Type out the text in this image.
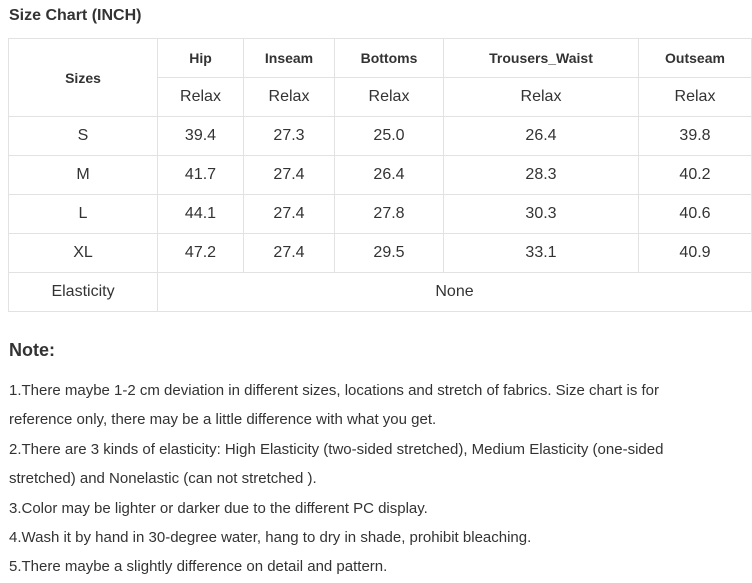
Size Chart (INCH)
Sizes	Hip	Inseam	Bottoms	Trousers_Waist	Outseam
	Relax	Relax	Relax	Relax	Relax
S	39.4	27.3	25.0	26.4	39.8
M	41.7	27.4	26.4	28.3	40.2
L	44.1	27.4	27.8	30.3	40.6
XL	47.2	27.4	29.5	33.1	40.9
Elasticity	None				
Note:
1.There maybe 1-2 cm deviation in different sizes, locations and stretch of fabrics. Size chart is for reference only, there may be a little difference with what you get.
2.There are 3 kinds of elasticity: High Elasticity (two-sided stretched), Medium Elasticity (one-sided stretched) and Nonelastic (can not stretched ).
3.Color may be lighter or darker due to the different PC display.
4.Wash it by hand in 30-degree water, hang to dry in shade, prohibit bleaching.
5.There maybe a slightly difference on detail and pattern.
